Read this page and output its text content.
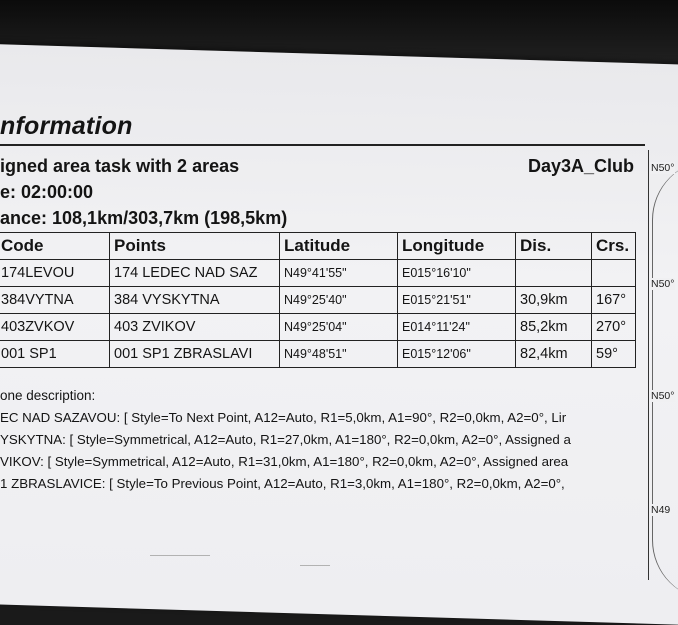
nformation
igned area task with 2 areas	Day3A_Club
e: 02:00:00
ance: 108,1km/303,7km (198,5km)
Code	Points	Latitude	Longitude	Dis.	Crs.
174LEVOU	174 LEDEC NAD SAZ	N49°41'55"	E015°16'10"		
384VYTNA	384 VYSKYTNA	N49°25'40"	E015°21'51"	30,9km	167°
403ZVKOV	403 ZVIKOV	N49°25'04"	E014°11'24"	85,2km	270°
001 SP1	001 SP1 ZBRASLAVI	N49°48'51"	E015°12'06"	82,4km	59°
one description:
EC NAD SAZAVOU: [ Style=To Next Point, A12=Auto, R1=5,0km, A1=90°, R2=0,0km, A2=0°, Lir
YSKYTNA: [ Style=Symmetrical, A12=Auto, R1=27,0km, A1=180°, R2=0,0km, A2=0°, Assigned a
VIKOV: [ Style=Symmetrical, A12=Auto, R1=31,0km, A1=180°, R2=0,0km, A2=0°, Assigned area
1 ZBRASLAVICE: [ Style=To Previous Point, A12=Auto, R1=3,0km, A1=180°, R2=0,0km, A2=0°,
N50°
N50°
N50°
N49
